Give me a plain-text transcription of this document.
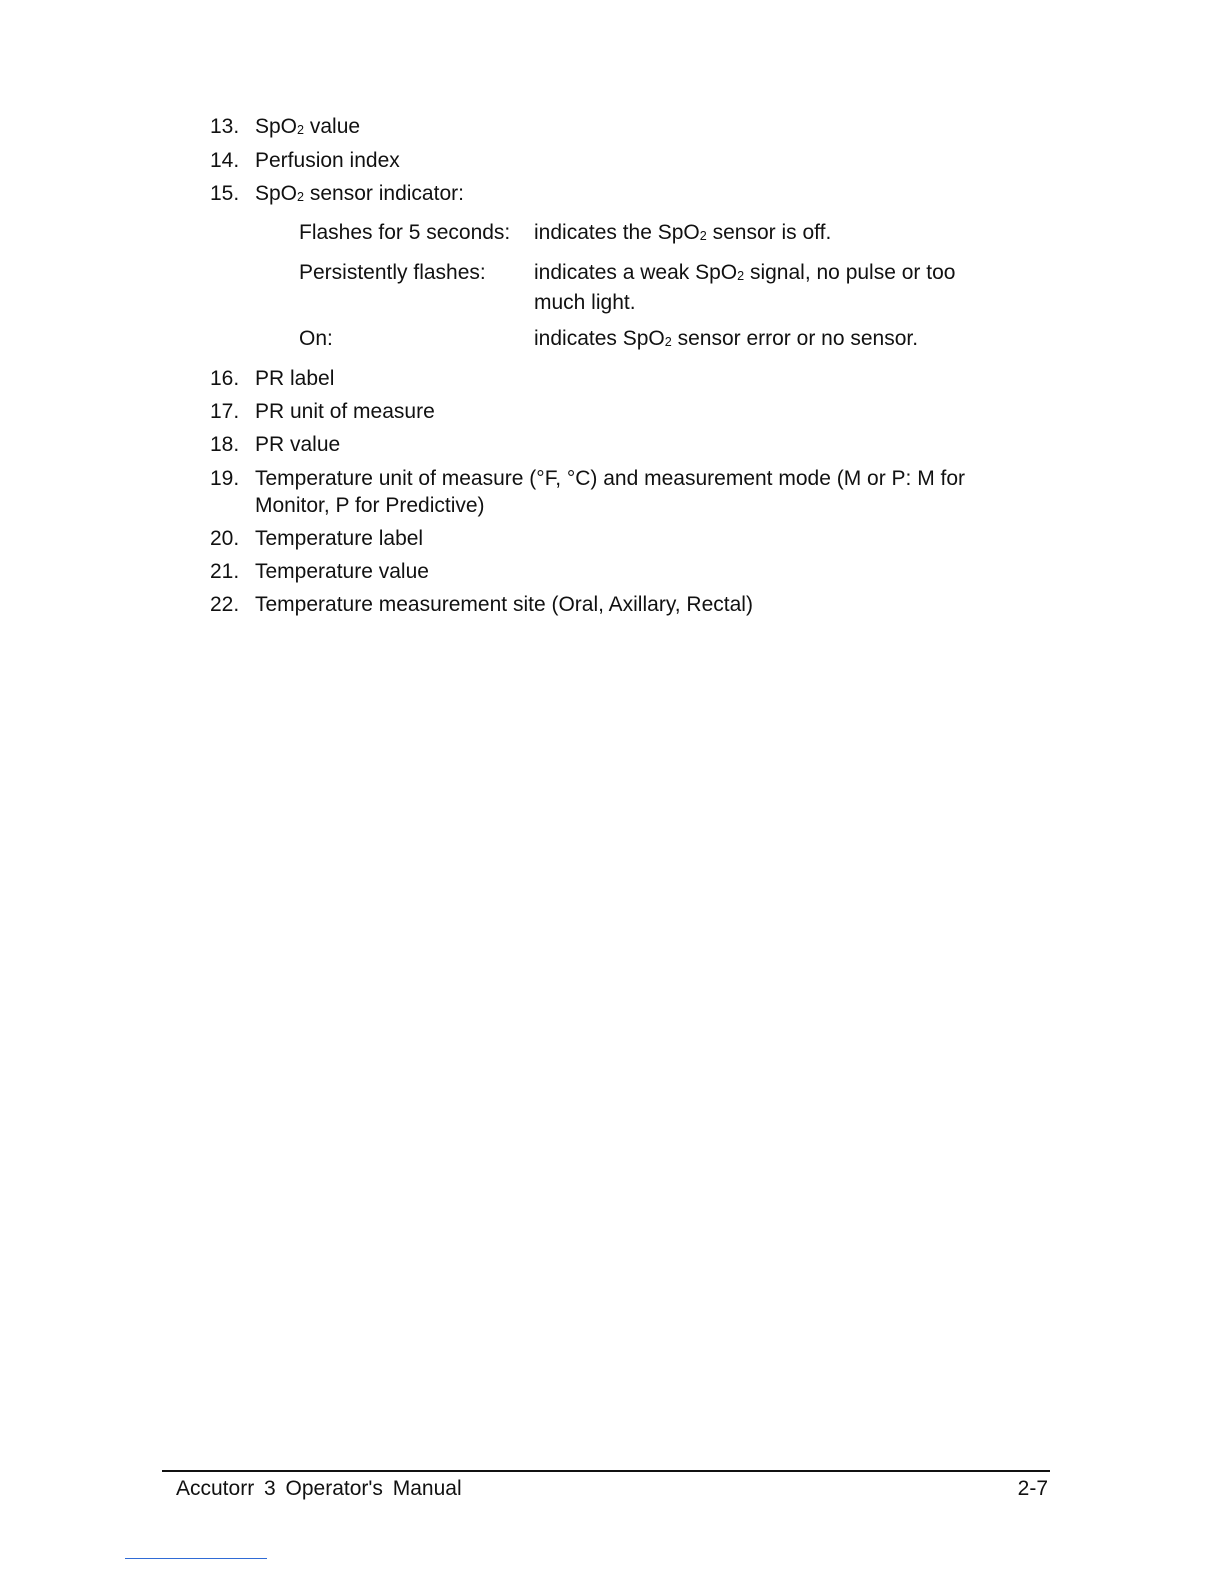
13. SpO$_2$ value
14. Perfusion index
15. SpO$_2$ sensor indicator:
Flashes for 5 seconds:	indicates the SpO$_2$ sensor is off.
Persistently flashes:	indicates a weak SpO$_2$ signal, no pulse or too much light.
On:	indicates SpO$_2$ sensor error or no sensor.
16. PR label
17. PR unit of measure
18. PR value
19. Temperature unit of measure (°F, °C) and measurement mode (M or P: M for Monitor, P for Predictive)
20. Temperature label
21. Temperature value
22. Temperature measurement site (Oral, Axillary, Rectal)
Accutorr 3 Operator's Manual	2-7
